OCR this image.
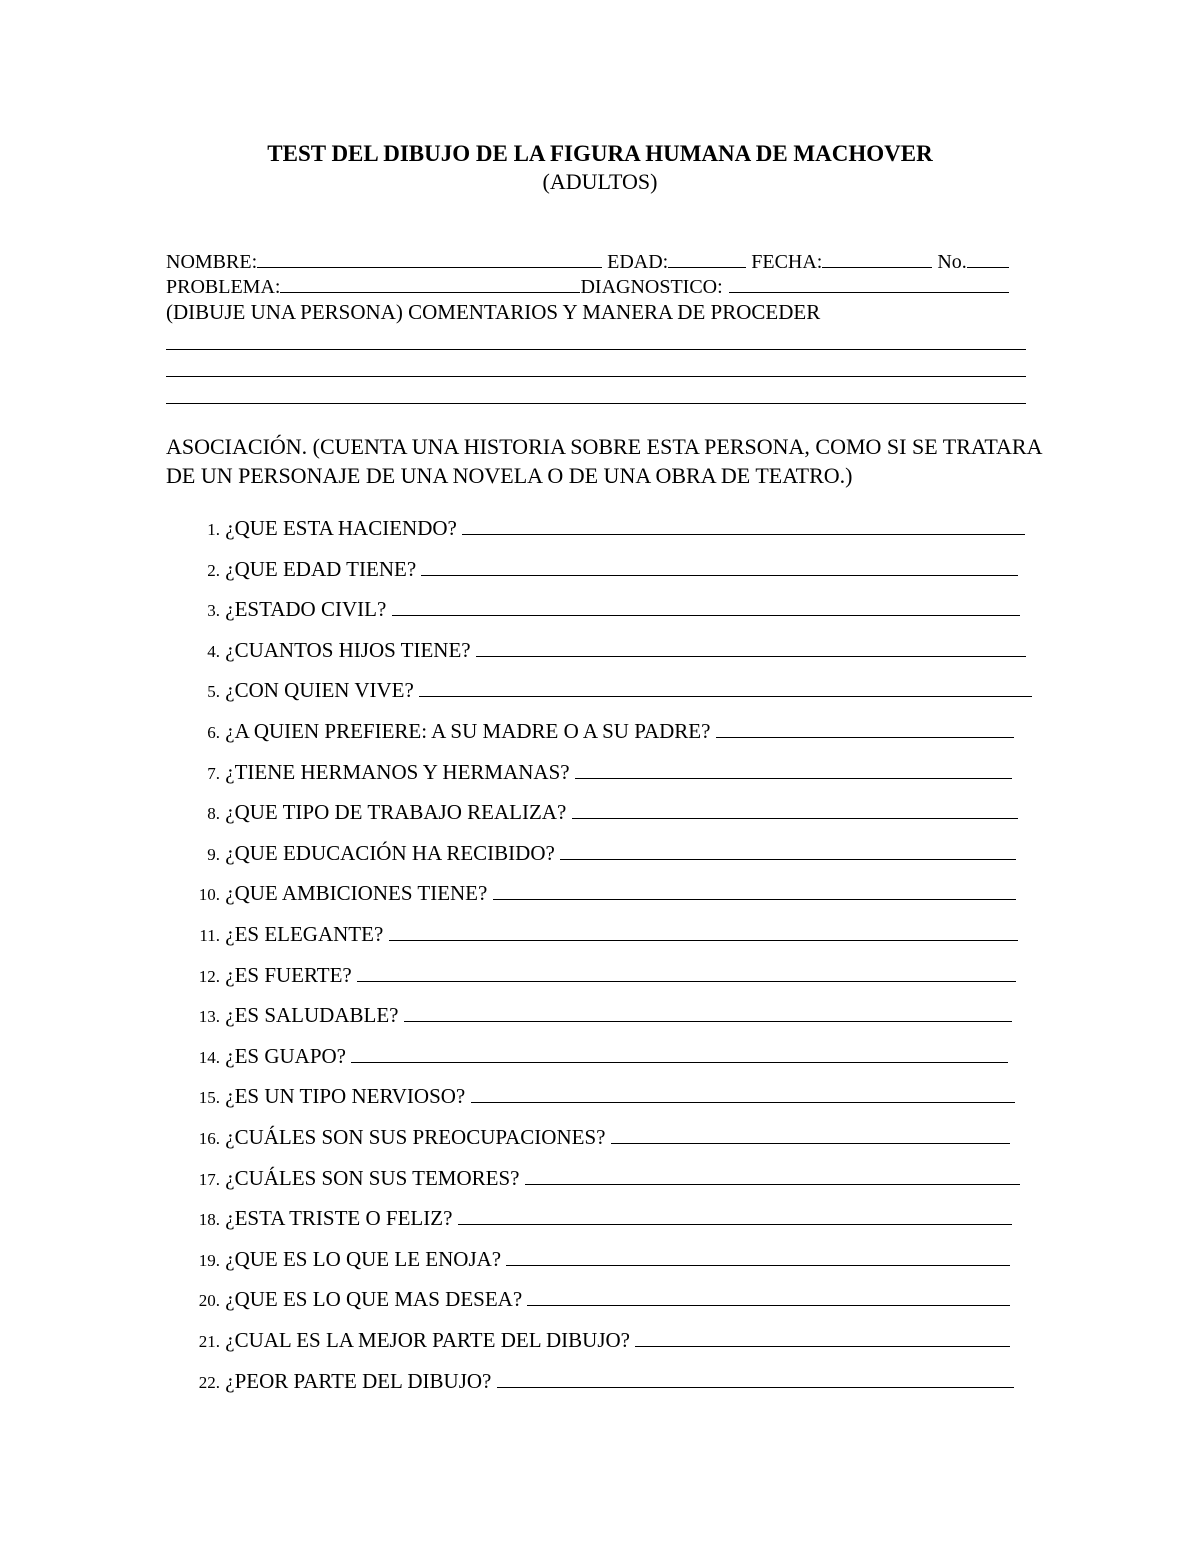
TEST DEL DIBUJO DE LA FIGURA HUMANA DE MACHOVER
(ADULTOS)
NOMBRE:	EDAD:	FECHA:	No.
PROBLEMA:	DIAGNOSTICO:
(DIBUJE UNA PERSONA) COMENTARIOS Y MANERA DE PROCEDER
ASOCIACIÓN. (CUENTA UNA HISTORIA SOBRE ESTA PERSONA, COMO SI SE TRATARA DE UN PERSONAJE DE UNA NOVELA O DE UNA OBRA DE TEATRO.)
1. ¿QUE ESTA HACIENDO?
2. ¿QUE EDAD TIENE?
3. ¿ESTADO CIVIL?
4. ¿CUANTOS HIJOS TIENE?
5. ¿CON QUIEN VIVE?
6. ¿A QUIEN PREFIERE: A SU MADRE O A SU PADRE?
7. ¿TIENE HERMANOS Y HERMANAS?
8. ¿QUE TIPO DE TRABAJO REALIZA?
9. ¿QUE EDUCACIÓN HA RECIBIDO?
10. ¿QUE AMBICIONES TIENE?
11. ¿ES ELEGANTE?
12. ¿ES FUERTE?
13. ¿ES SALUDABLE?
14. ¿ES GUAPO?
15. ¿ES UN TIPO NERVIOSO?
16. ¿CUÁLES SON SUS PREOCUPACIONES?
17. ¿CUÁLES SON SUS TEMORES?
18. ¿ESTA TRISTE O FELIZ?
19. ¿QUE ES LO QUE LE ENOJA?
20. ¿QUE ES LO QUE MAS DESEA?
21. ¿CUAL ES LA MEJOR PARTE DEL DIBUJO?
22. ¿PEOR PARTE DEL DIBUJO?
